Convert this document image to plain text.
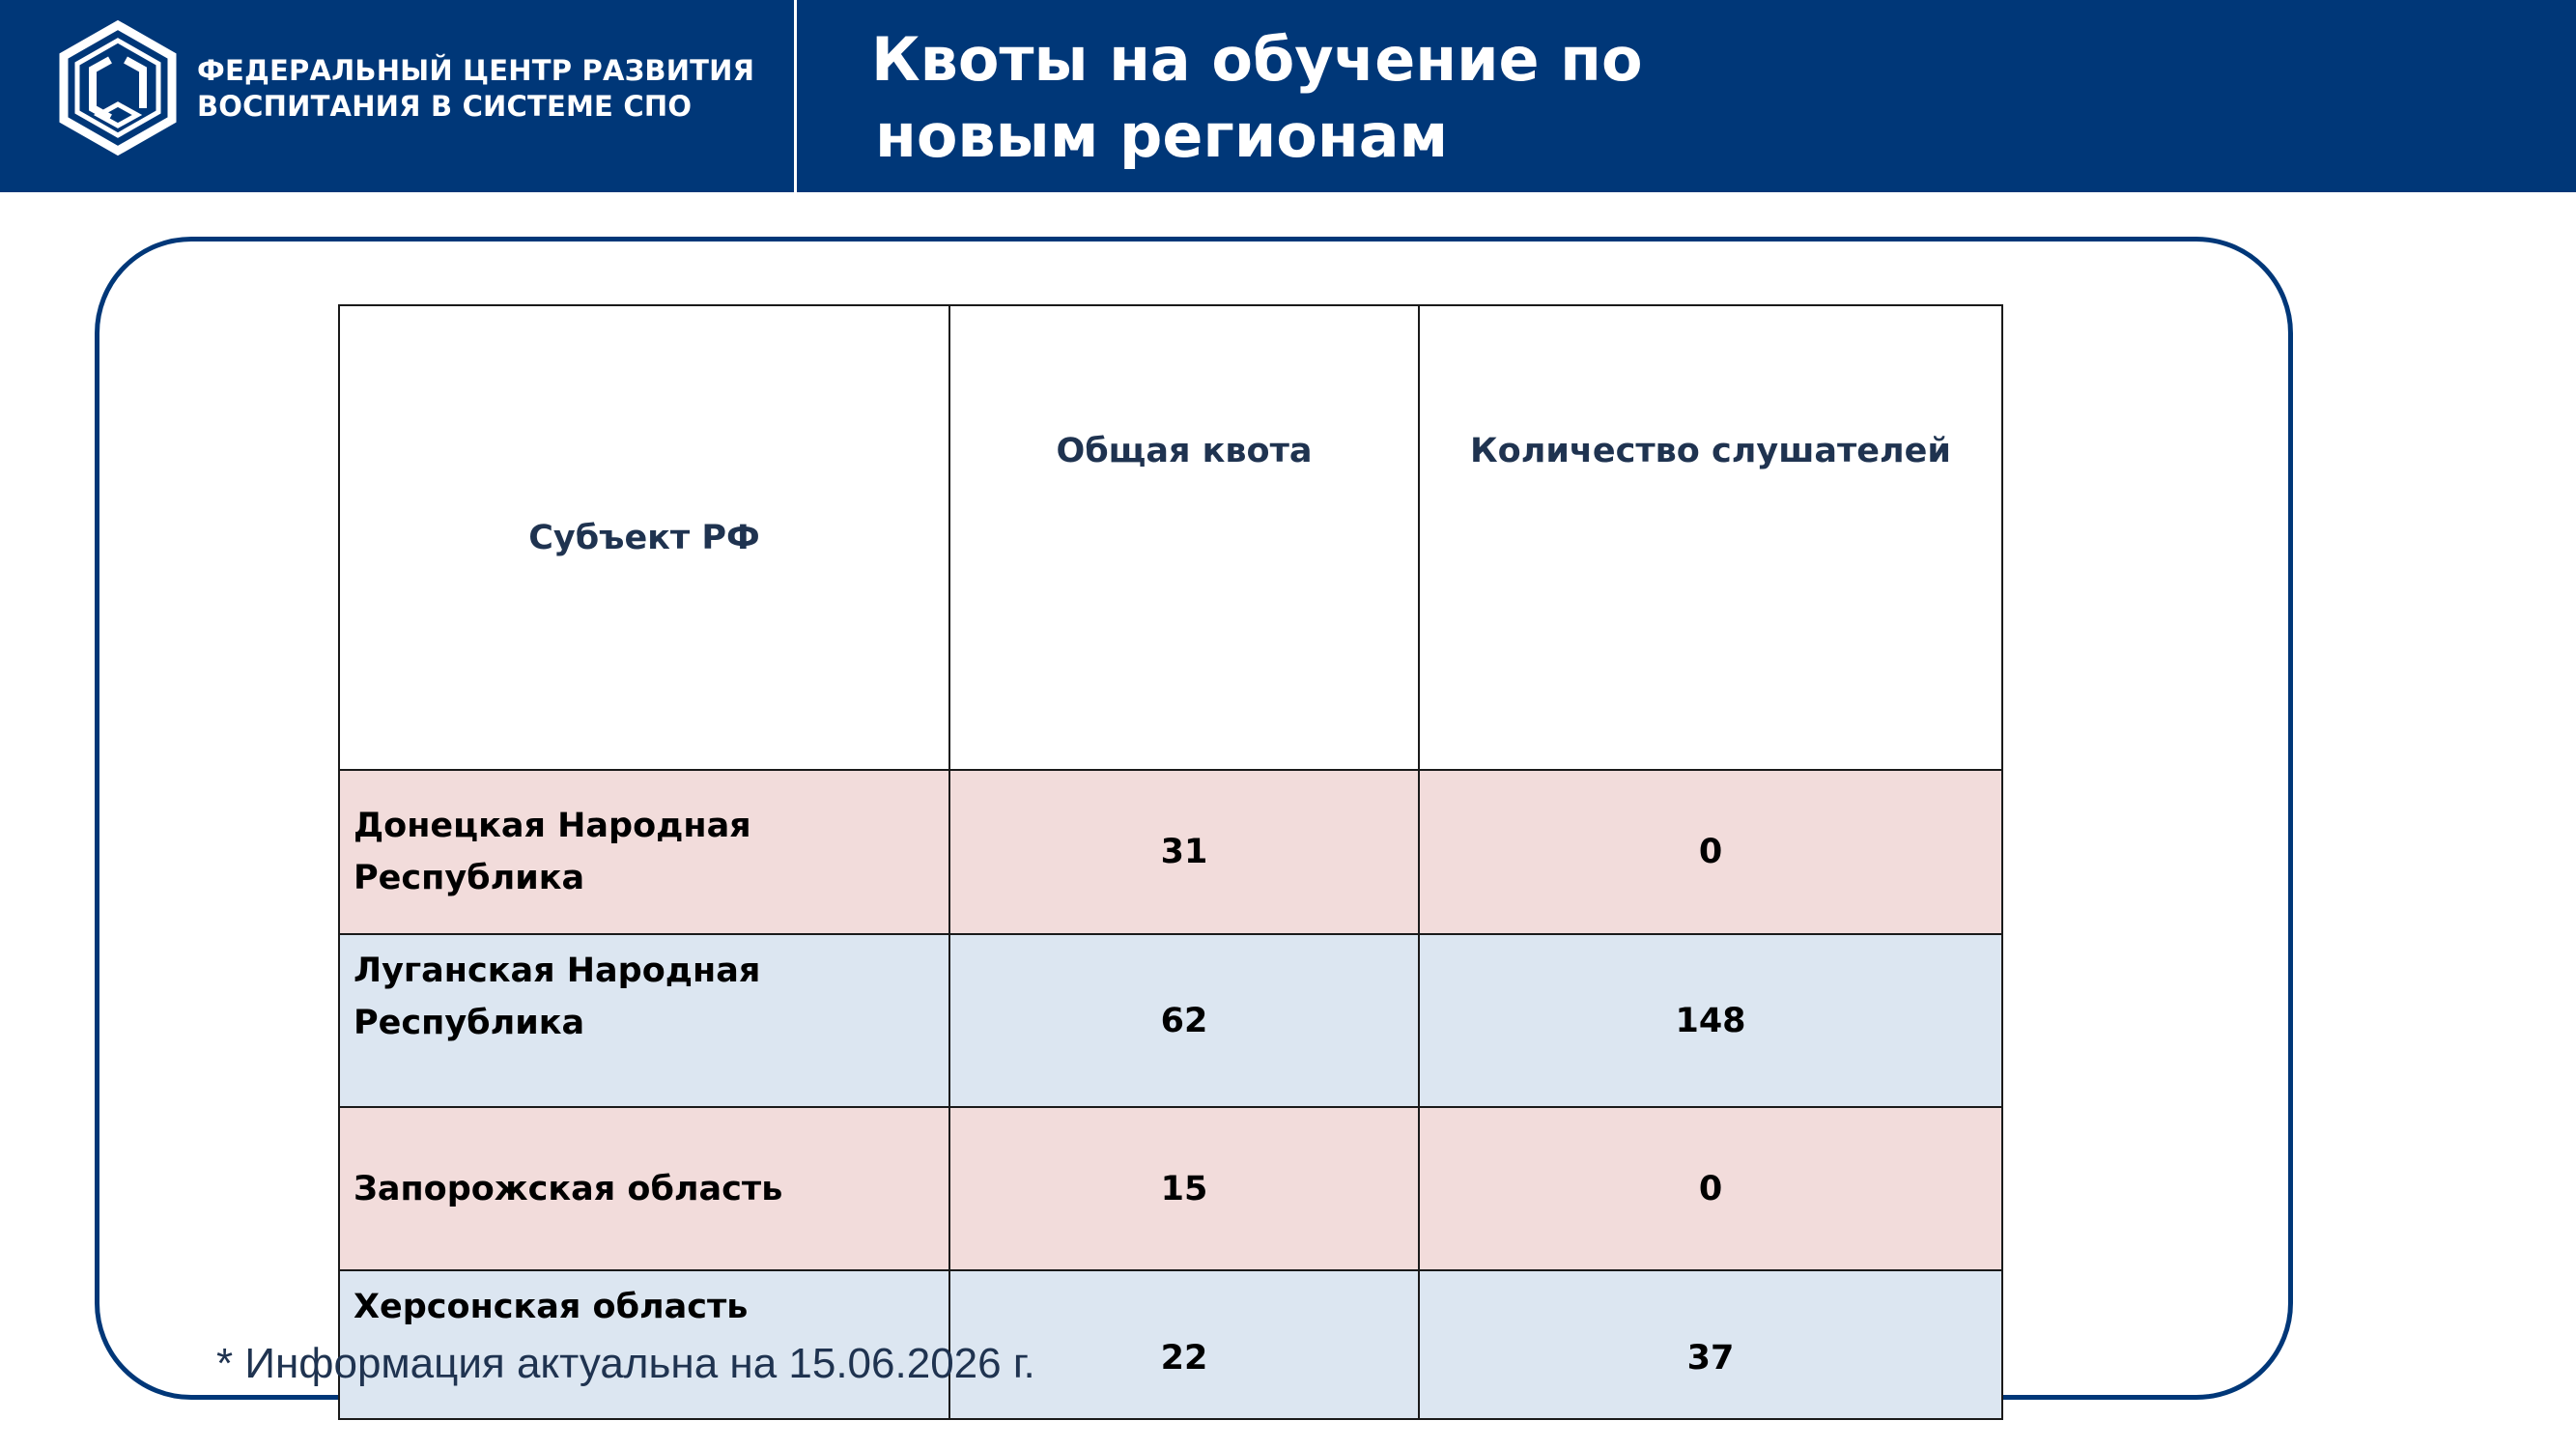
ФЕДЕРАЛЬНЫЙ ЦЕНТР РАЗВИТИЯ
ВОСПИТАНИЯ В СИСТЕМЕ СПО
Квоты на обучение по
новым регионам
Субъект РФ	Общая квота	Количество слушателей
Донецкая Народная Республика	31	0

Луганская Народная
Республика	62	148
Запорожская область	15	0
Херсонская область	22	37
* Информация актуальна на 15.06.2026 г.
